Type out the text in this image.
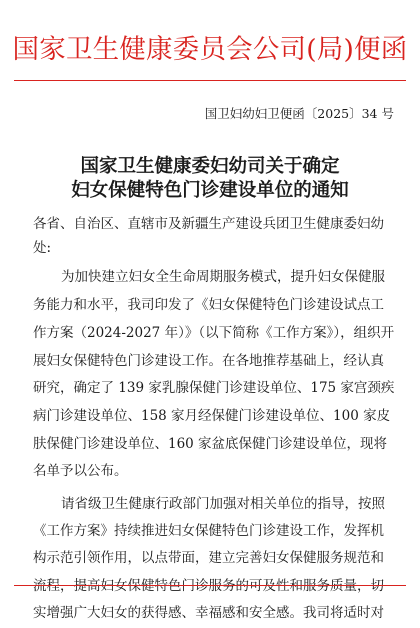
国家卫生健康委员会公司(局)便函
国卫妇幼妇卫便函〔2025〕34 号
国家卫生健康委妇幼司关于确定
妇女保健特色门诊建设单位的通知
各省、自治区、直辖市及新疆生产建设兵团卫生健康委妇幼
处:
为加快建立妇女全生命周期服务模式，提升妇女保健服
务能力和水平，我司印发了《妇女保健特色门诊建设试点工
作方案（2024-2027 年）》（以下简称《工作方案》），组织开
展妇女保健特色门诊建设工作。在各地推荐基础上，经认真
研究，确定了 139 家乳腺保健门诊建设单位、175 家宫颈疾
病门诊建设单位、158 家月经保健门诊建设单位、100 家皮
肤保健门诊建设单位、160 家盆底保健门诊建设单位，现将
名单予以公布。
请省级卫生健康行政部门加强对相关单位的指导，按照
《工作方案》持续推进妇女保健特色门诊建设工作，发挥机
构示范引领作用，以点带面，建立完善妇女保健服务规范和
流程，提高妇女保健特色门诊服务的可及性和服务质量，切
实增强广大妇女的获得感、幸福感和安全感。我司将适时对
